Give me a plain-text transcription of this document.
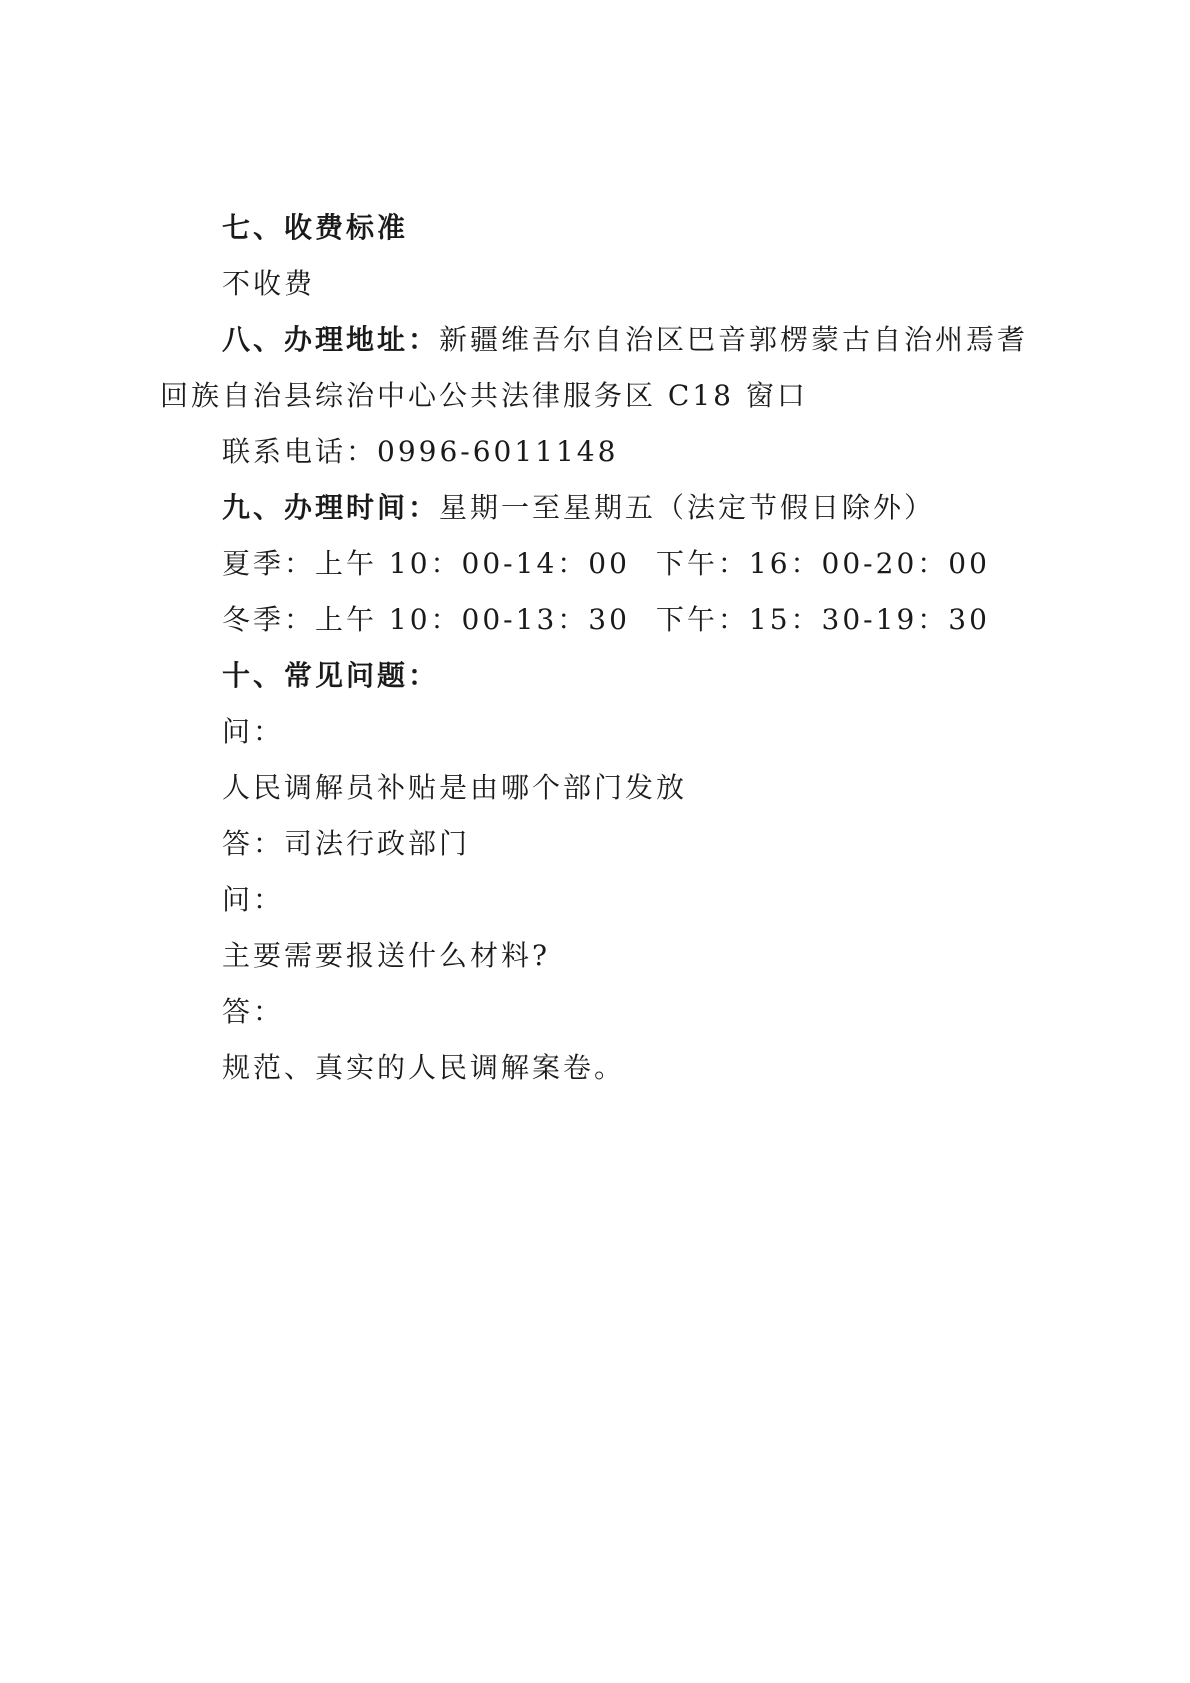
七、收费标准
不收费
八、办理地址：新疆维吾尔自治区巴音郭楞蒙古自治州焉耆
回族自治县综治中心公共法律服务区 C18 窗口
联系电话：0996-6011148
九、办理时间：星期一至星期五（法定节假日除外）
夏季：上午 10：00-14：00 下午：16：00-20：00
冬季：上午 10：00-13：30 下午：15：30-19：30
十、常见问题：
问：
人民调解员补贴是由哪个部门发放
答：司法行政部门
问：
主要需要报送什么材料?
答：
规范、真实的人民调解案卷。
